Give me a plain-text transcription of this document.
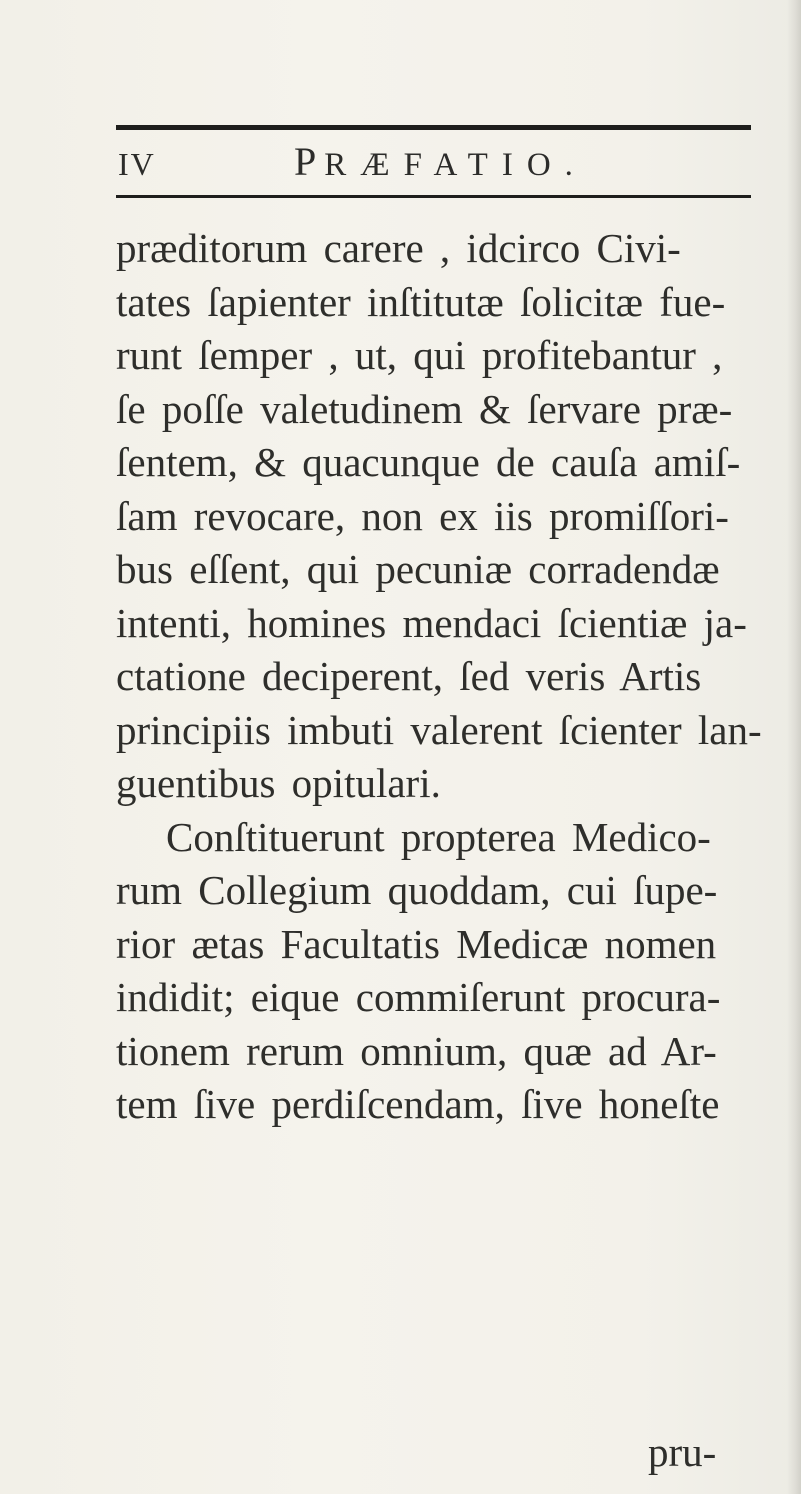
IV	PRÆFATIO.
præditorum carere , idcirco Civi-
tates ſapienter inſtitutæ ſolicitæ fue-
runt ſemper , ut, qui profitebantur ,
ſe poſſe valetudinem & ſervare præ-
ſentem, & quacunque de cauſa amiſ-
ſam revocare, non ex iis promiſſori-
bus eſſent, qui pecuniæ corradendæ
intenti, homines mendaci ſcientiæ ja-
ctatione deciperent, ſed veris Artis
principiis imbuti valerent ſcienter lan-
guentibus opitulari.
Conſtituerunt propterea Medico-
rum Collegium quoddam, cui ſupe-
rior ætas Facultatis Medicæ nomen
indidit; eique commiſerunt procura-
tionem rerum omnium, quæ ad Ar-
tem ſive perdiſcendam, ſive honeſte
pru-
